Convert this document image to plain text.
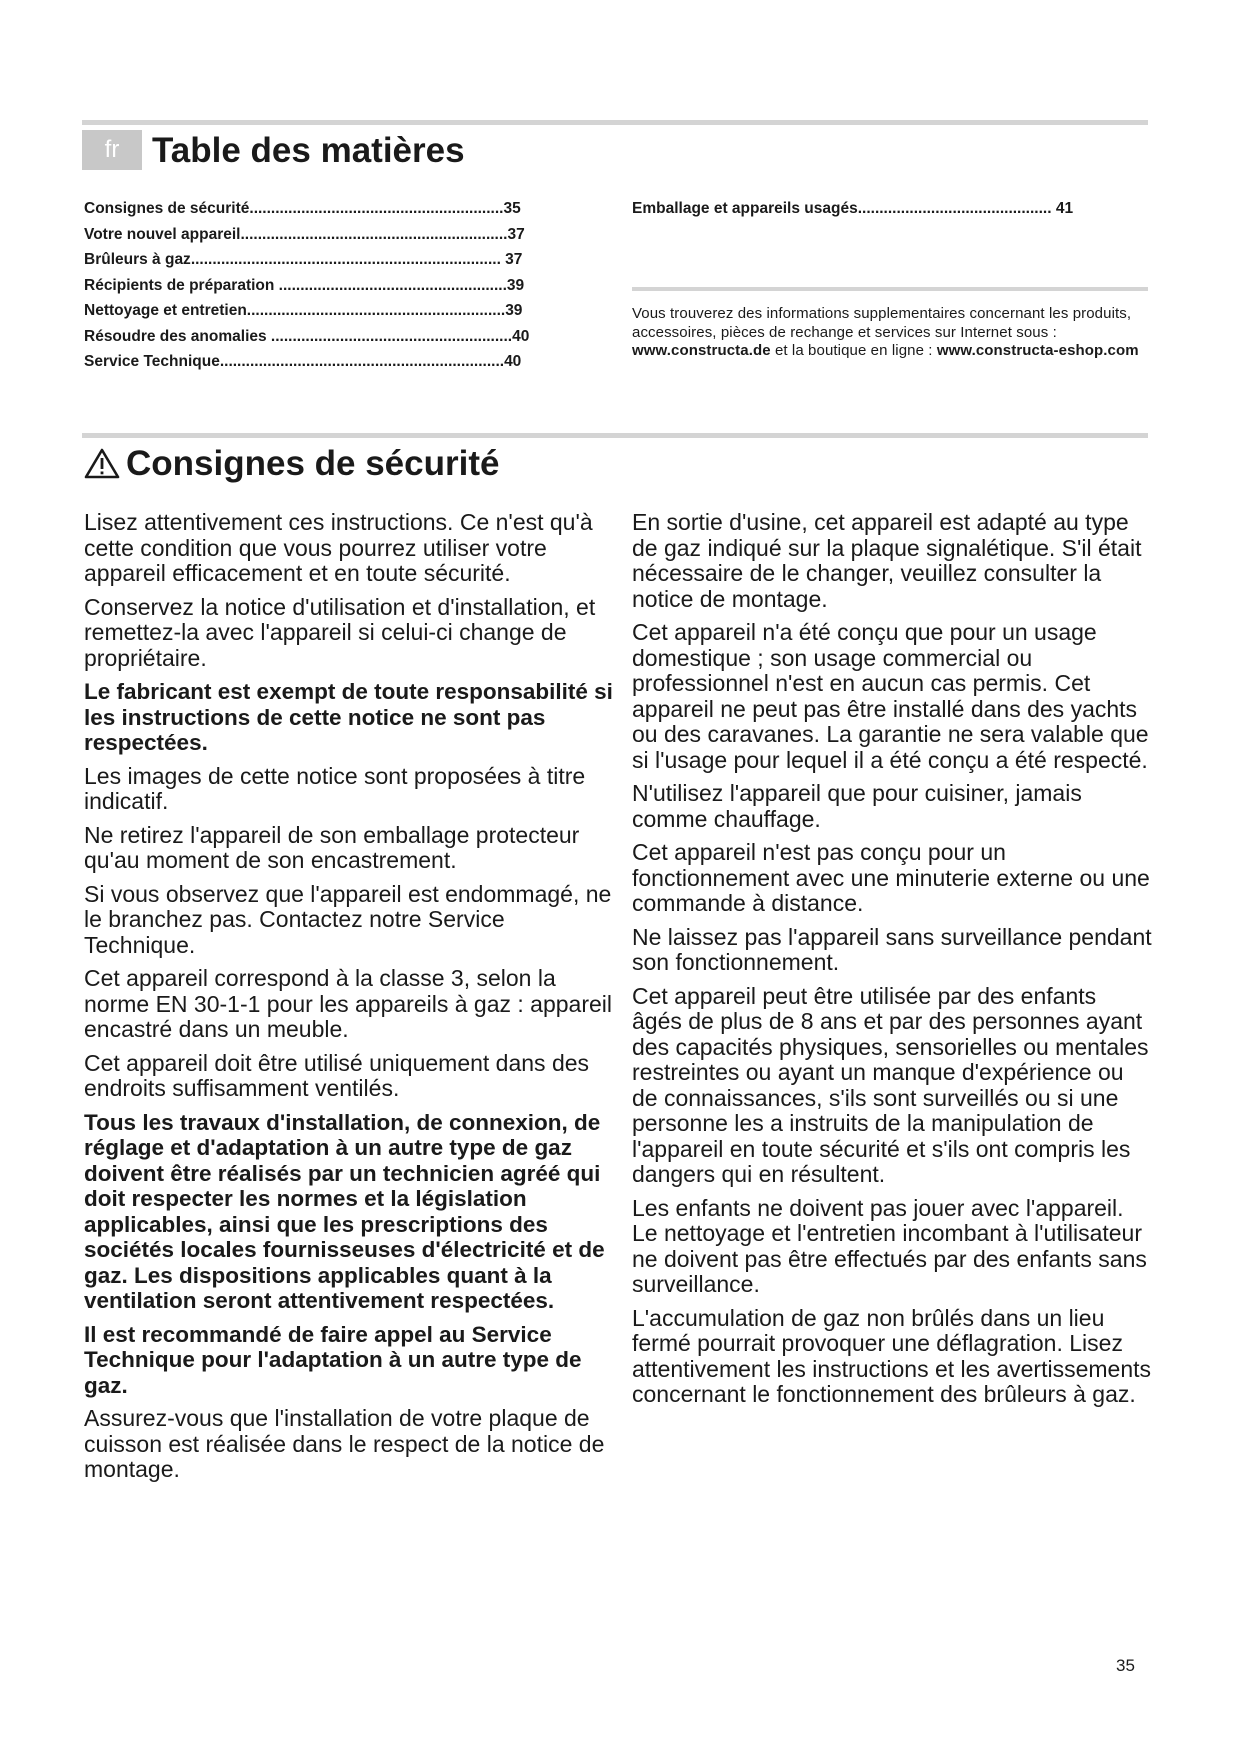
fr Table des matières
Consignes de sécurité...........................................................35
Votre nouvel appareil..............................................................37
Brûleurs à gaz........................................................................ 37
Récipients de préparation .....................................................39
Nettoyage et entretien............................................................39
Résoudre des anomalies ........................................................40
Service Technique..................................................................40
Emballage et appareils usagés............................................. 41
Vous trouverez des informations supplementaires concernant les produits, accessoires, pièces de rechange et services sur Internet sous : www.constructa.de et la boutique en ligne : www.constructa-eshop.com
Consignes de sécurité

Lisez attentivement ces instructions. Ce n'est qu'à cette condition que vous pourrez utiliser votre appareil efficacement et en toute sécurité.

Conservez la notice d'utilisation et d'installation, et remettez-la avec l'appareil si celui-ci change de propriétaire.

Le fabricant est exempt de toute responsabilité si les instructions de cette notice ne sont pas respectées.

Les images de cette notice sont proposées à titre indicatif.

Ne retirez l'appareil de son emballage protecteur qu'au moment de son encastrement.

Si vous observez que l'appareil est endommagé, ne le branchez pas. Contactez notre Service Technique.

Cet appareil correspond à la classe 3, selon la norme EN 30-1-1 pour les appareils à gaz : appareil encastré dans un meuble.

Cet appareil doit être utilisé uniquement dans des endroits suffisamment ventilés.

Tous les travaux d'installation, de connexion, de réglage et d'adaptation à un autre type de gaz doivent être réalisés par un technicien agréé qui doit respecter les normes et la législation applicables, ainsi que les prescriptions des sociétés locales fournisseuses d'électricité et de gaz. Les dispositions applicables quant à la ventilation seront attentivement respectées.

Il est recommandé de faire appel au Service Technique pour l'adaptation à un autre type de gaz.

Assurez-vous que l'installation de votre plaque de cuisson est réalisée dans le respect de la notice de montage.

En sortie d'usine, cet appareil est adapté au type de gaz indiqué sur la plaque signalétique. S'il était nécessaire de le changer, veuillez consulter la notice de montage.

Cet appareil n'a été conçu que pour un usage domestique ; son usage commercial ou professionnel n'est en aucun cas permis. Cet appareil ne peut pas être installé dans des yachts ou des caravanes. La garantie ne sera valable que si l'usage pour lequel il a été conçu a été respecté.

N'utilisez l'appareil que pour cuisiner, jamais comme chauffage.

Cet appareil n'est pas conçu pour un fonctionnement avec une minuterie externe ou une commande à distance.

Ne laissez pas l'appareil sans surveillance pendant son fonctionnement.

Cet appareil peut être utilisée par des enfants âgés de plus de 8 ans et par des personnes ayant des capacités physiques, sensorielles ou mentales restreintes ou ayant un manque d'expérience ou de connaissances, s'ils sont surveillés ou si une personne les a instruits de la manipulation de l'appareil en toute sécurité et s'ils ont compris les dangers qui en résultent.

Les enfants ne doivent pas jouer avec l'appareil. Le nettoyage et l'entretien incombant à l'utilisateur ne doivent pas être effectués par des enfants sans surveillance.

L'accumulation de gaz non brûlés dans un lieu fermé pourrait provoquer une déflagration. Lisez attentivement les instructions et les avertissements concernant le fonctionnement des brûleurs à gaz.

35
